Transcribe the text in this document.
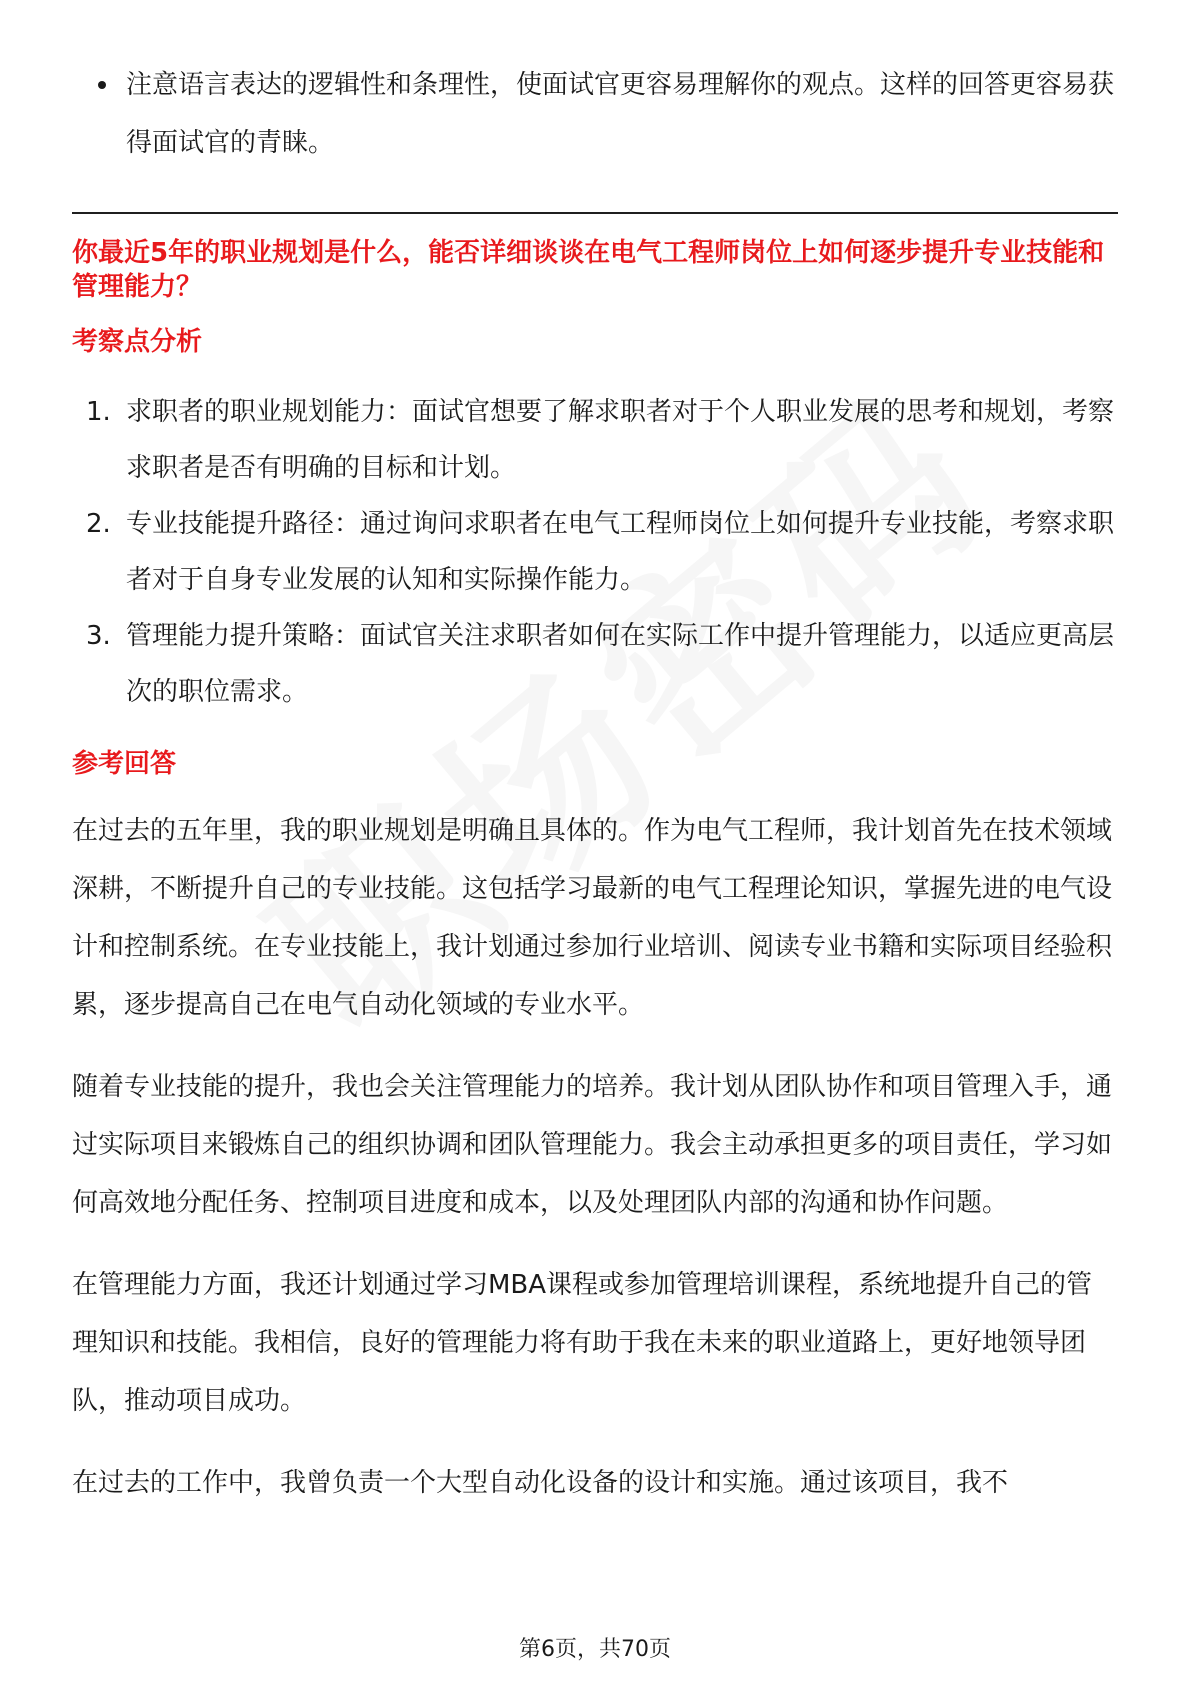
注意语言表达的逻辑性和条理性，使面试官更容易理解你的观点。这样的回答更容易获得面试官的青睐。

你最近5年的职业规划是什么，能否详细谈谈在电气工程师岗位上如何逐步提升专业技能和管理能力？

考察点分析
1. 求职者的职业规划能力：面试官想要了解求职者对于个人职业发展的思考和规划，考察求职者是否有明确的目标和计划。
2. 专业技能提升路径：通过询问求职者在电气工程师岗位上如何提升专业技能，考察求职者对于自身专业发展的认知和实际操作能力。
3. 管理能力提升策略：面试官关注求职者如何在实际工作中提升管理能力，以适应更高层次的职位需求。
参考回答

在过去的五年里，我的职业规划是明确且具体的。作为电气工程师，我计划首先在技术领域深耕，不断提升自己的专业技能。这包括学习最新的电气工程理论知识，掌握先进的电气设计和控制系统。在专业技能上，我计划通过参加行业培训、阅读专业书籍和实际项目经验积累，逐步提高自己在电气自动化领域的专业水平。

随着专业技能的提升，我也会关注管理能力的培养。我计划从团队协作和项目管理入手，通过实际项目来锻炼自己的组织协调和团队管理能力。我会主动承担更多的项目责任，学习如何高效地分配任务、控制项目进度和成本，以及处理团队内部的沟通和协作问题。

在管理能力方面，我还计划通过学习MBA课程或参加管理培训课程，系统地提升自己的管理知识和技能。我相信，良好的管理能力将有助于我在未来的职业道路上，更好地领导团队，推动项目成功。

在过去的工作中，我曾负责一个大型自动化设备的设计和实施。通过该项目，我不

第6页，共70页
